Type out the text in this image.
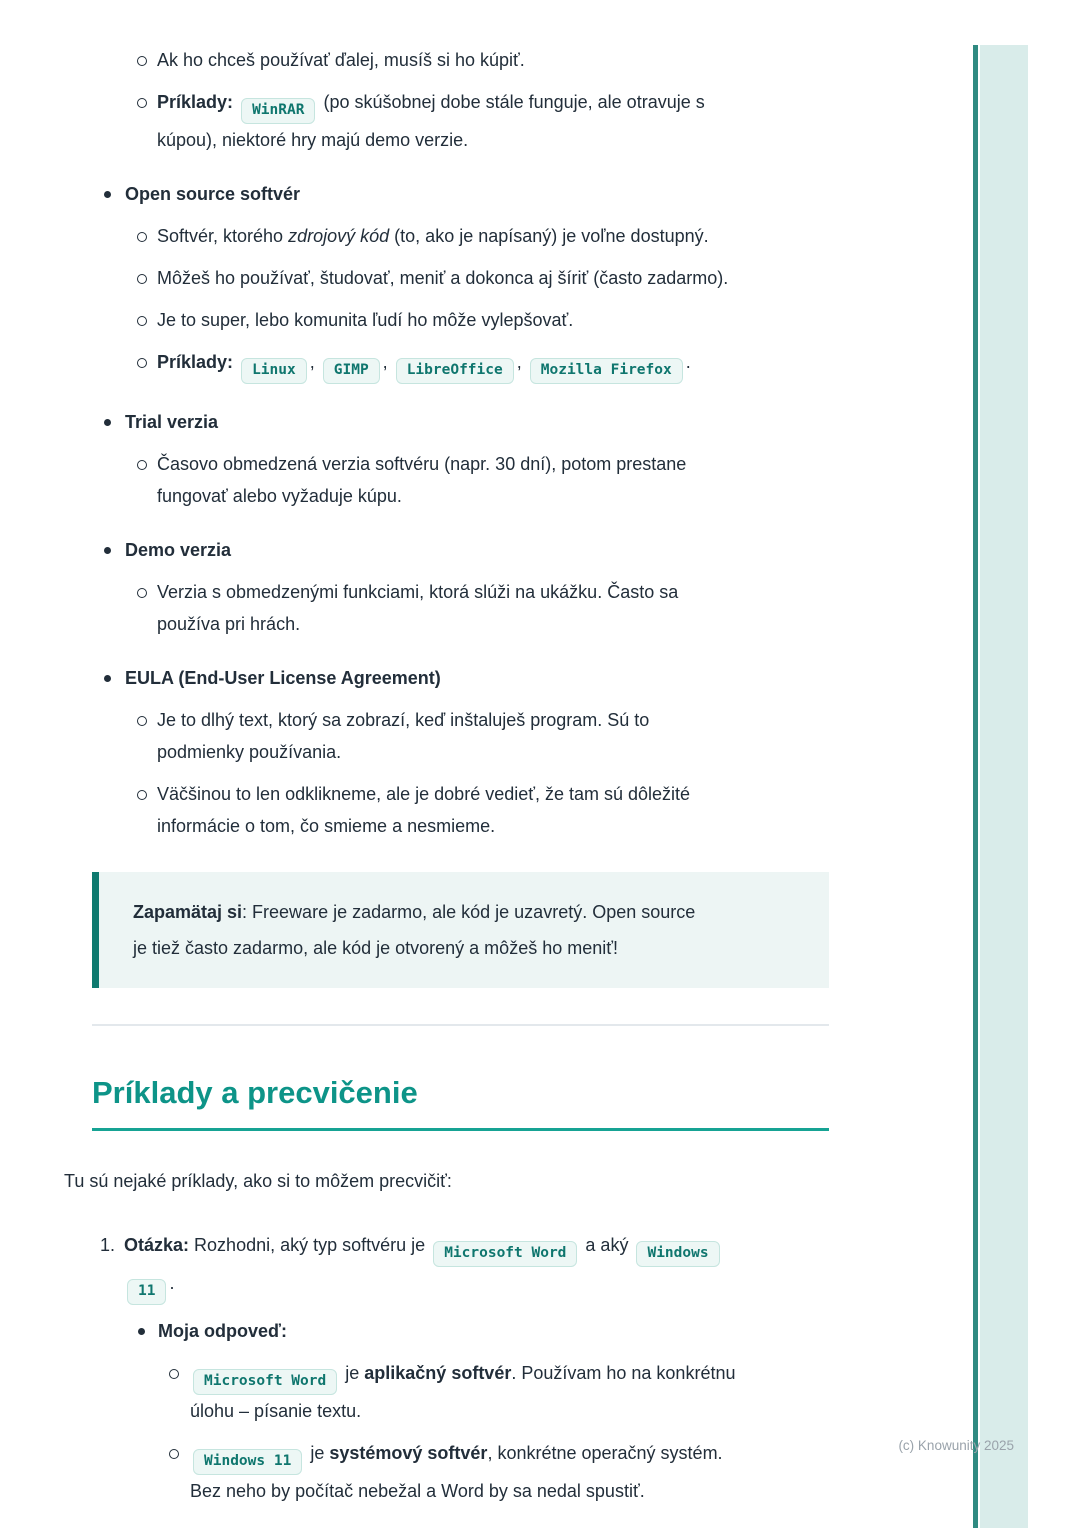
Ak ho chceš používať ďalej, musíš si ho kúpiť.
Príklady: WinRAR (po skúšobnej dobe stále funguje, ale otravuje s
kúpou), niektoré hry majú demo verzie.
Open source softvér
Softvér, ktorého zdrojový kód (to, ako je napísaný) je voľne dostupný.
Môžeš ho používať, študovať, meniť a dokonca aj šíriť (často zadarmo).
Je to super, lebo komunita ľudí ho môže vylepšovať.
Príklady: Linux , GIMP , LibreOffice , Mozilla Firefox .
Trial verzia
Časovo obmedzená verzia softvéru (napr. 30 dní), potom prestane
fungovať alebo vyžaduje kúpu.
Demo verzia
Verzia s obmedzenými funkciami, ktorá slúži na ukážku. Často sa
používa pri hrách.
EULA (End-User License Agreement)
Je to dlhý text, ktorý sa zobrazí, keď inštaluješ program. Sú to
podmienky používania.
Väčšinou to len odklikneme, ale je dobré vedieť, že tam sú dôležité
informácie o tom, čo smieme a nesmieme.
Zapamätaj si: Freeware je zadarmo, ale kód je uzavretý. Open source
je tiež často zadarmo, ale kód je otvorený a môžeš ho meniť!
Príklady a precvičenie
Tu sú nejaké príklady, ako si to môžem precvičiť:
1. Otázka: Rozhodni, aký typ softvéru je Microsoft Word a aký Windows
11 .
Moja odpoveď:
Microsoft Word je aplikačný softvér. Používam ho na konkrétnu
úlohu – písanie textu.
Windows 11 je systémový softvér, konkrétne operačný systém.
Bez neho by počítač nebežal a Word by sa nedal spustiť.
(c) Knowunity 2025
